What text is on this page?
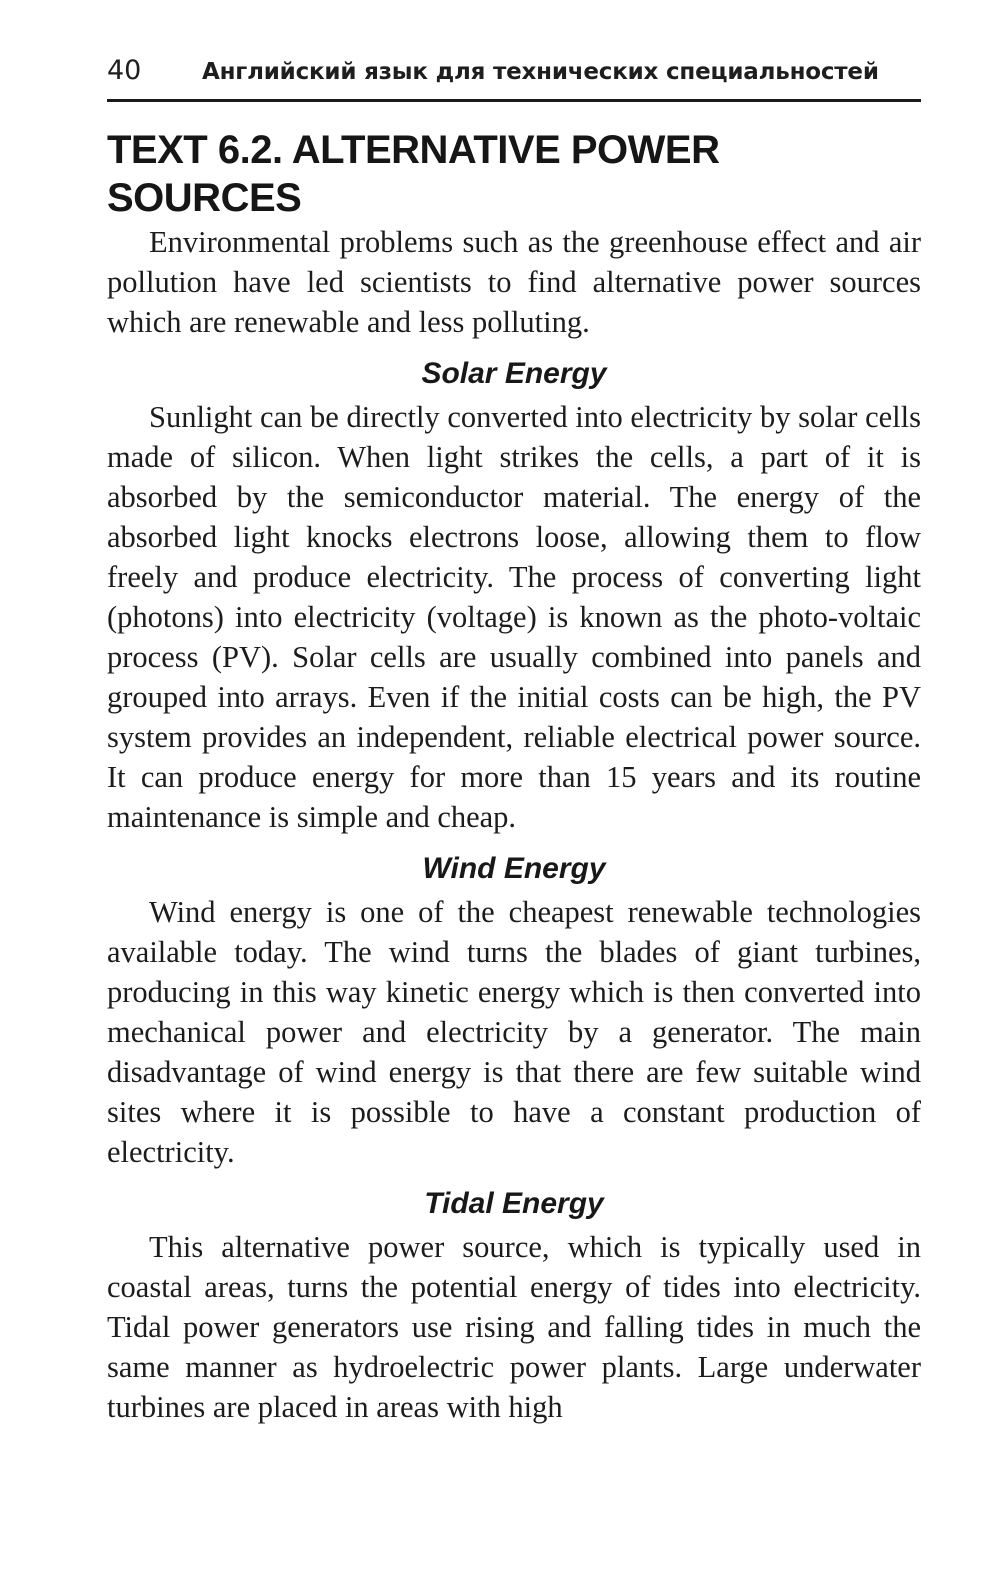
40	Английский язык для технических специальностей
TEXT 6.2. ALTERNATIVE POWER SOURCES

Environmental problems such as the greenhouse effect and air pollution have led scientists to find alternative power sources which are renewable and less polluting.

Solar Energy

Sunlight can be directly converted into electricity by solar cells made of silicon. When light strikes the cells, a part of it is absorbed by the semiconductor material. The energy of the absorbed light knocks electrons loose, allowing them to flow freely and produce electricity. The process of converting light (photons) into electricity (voltage) is known as the photo-voltaic process (PV). Solar cells are usually combined into panels and grouped into arrays. Even if the initial costs can be high, the PV system provides an independent, reliable electrical power source. It can produce energy for more than 15 years and its routine maintenance is simple and cheap.

Wind Energy

Wind energy is one of the cheapest renewable technologies available today. The wind turns the blades of giant turbines, producing in this way kinetic energy which is then converted into mechanical power and electricity by a generator. The main disadvantage of wind energy is that there are few suitable wind sites where it is possible to have a constant production of electricity.

Tidal Energy

This alternative power source, which is typically used in coastal areas, turns the potential energy of tides into electricity. Tidal power generators use rising and falling tides in much the same manner as hydroelectric power plants. Large underwater turbines are placed in areas with high
